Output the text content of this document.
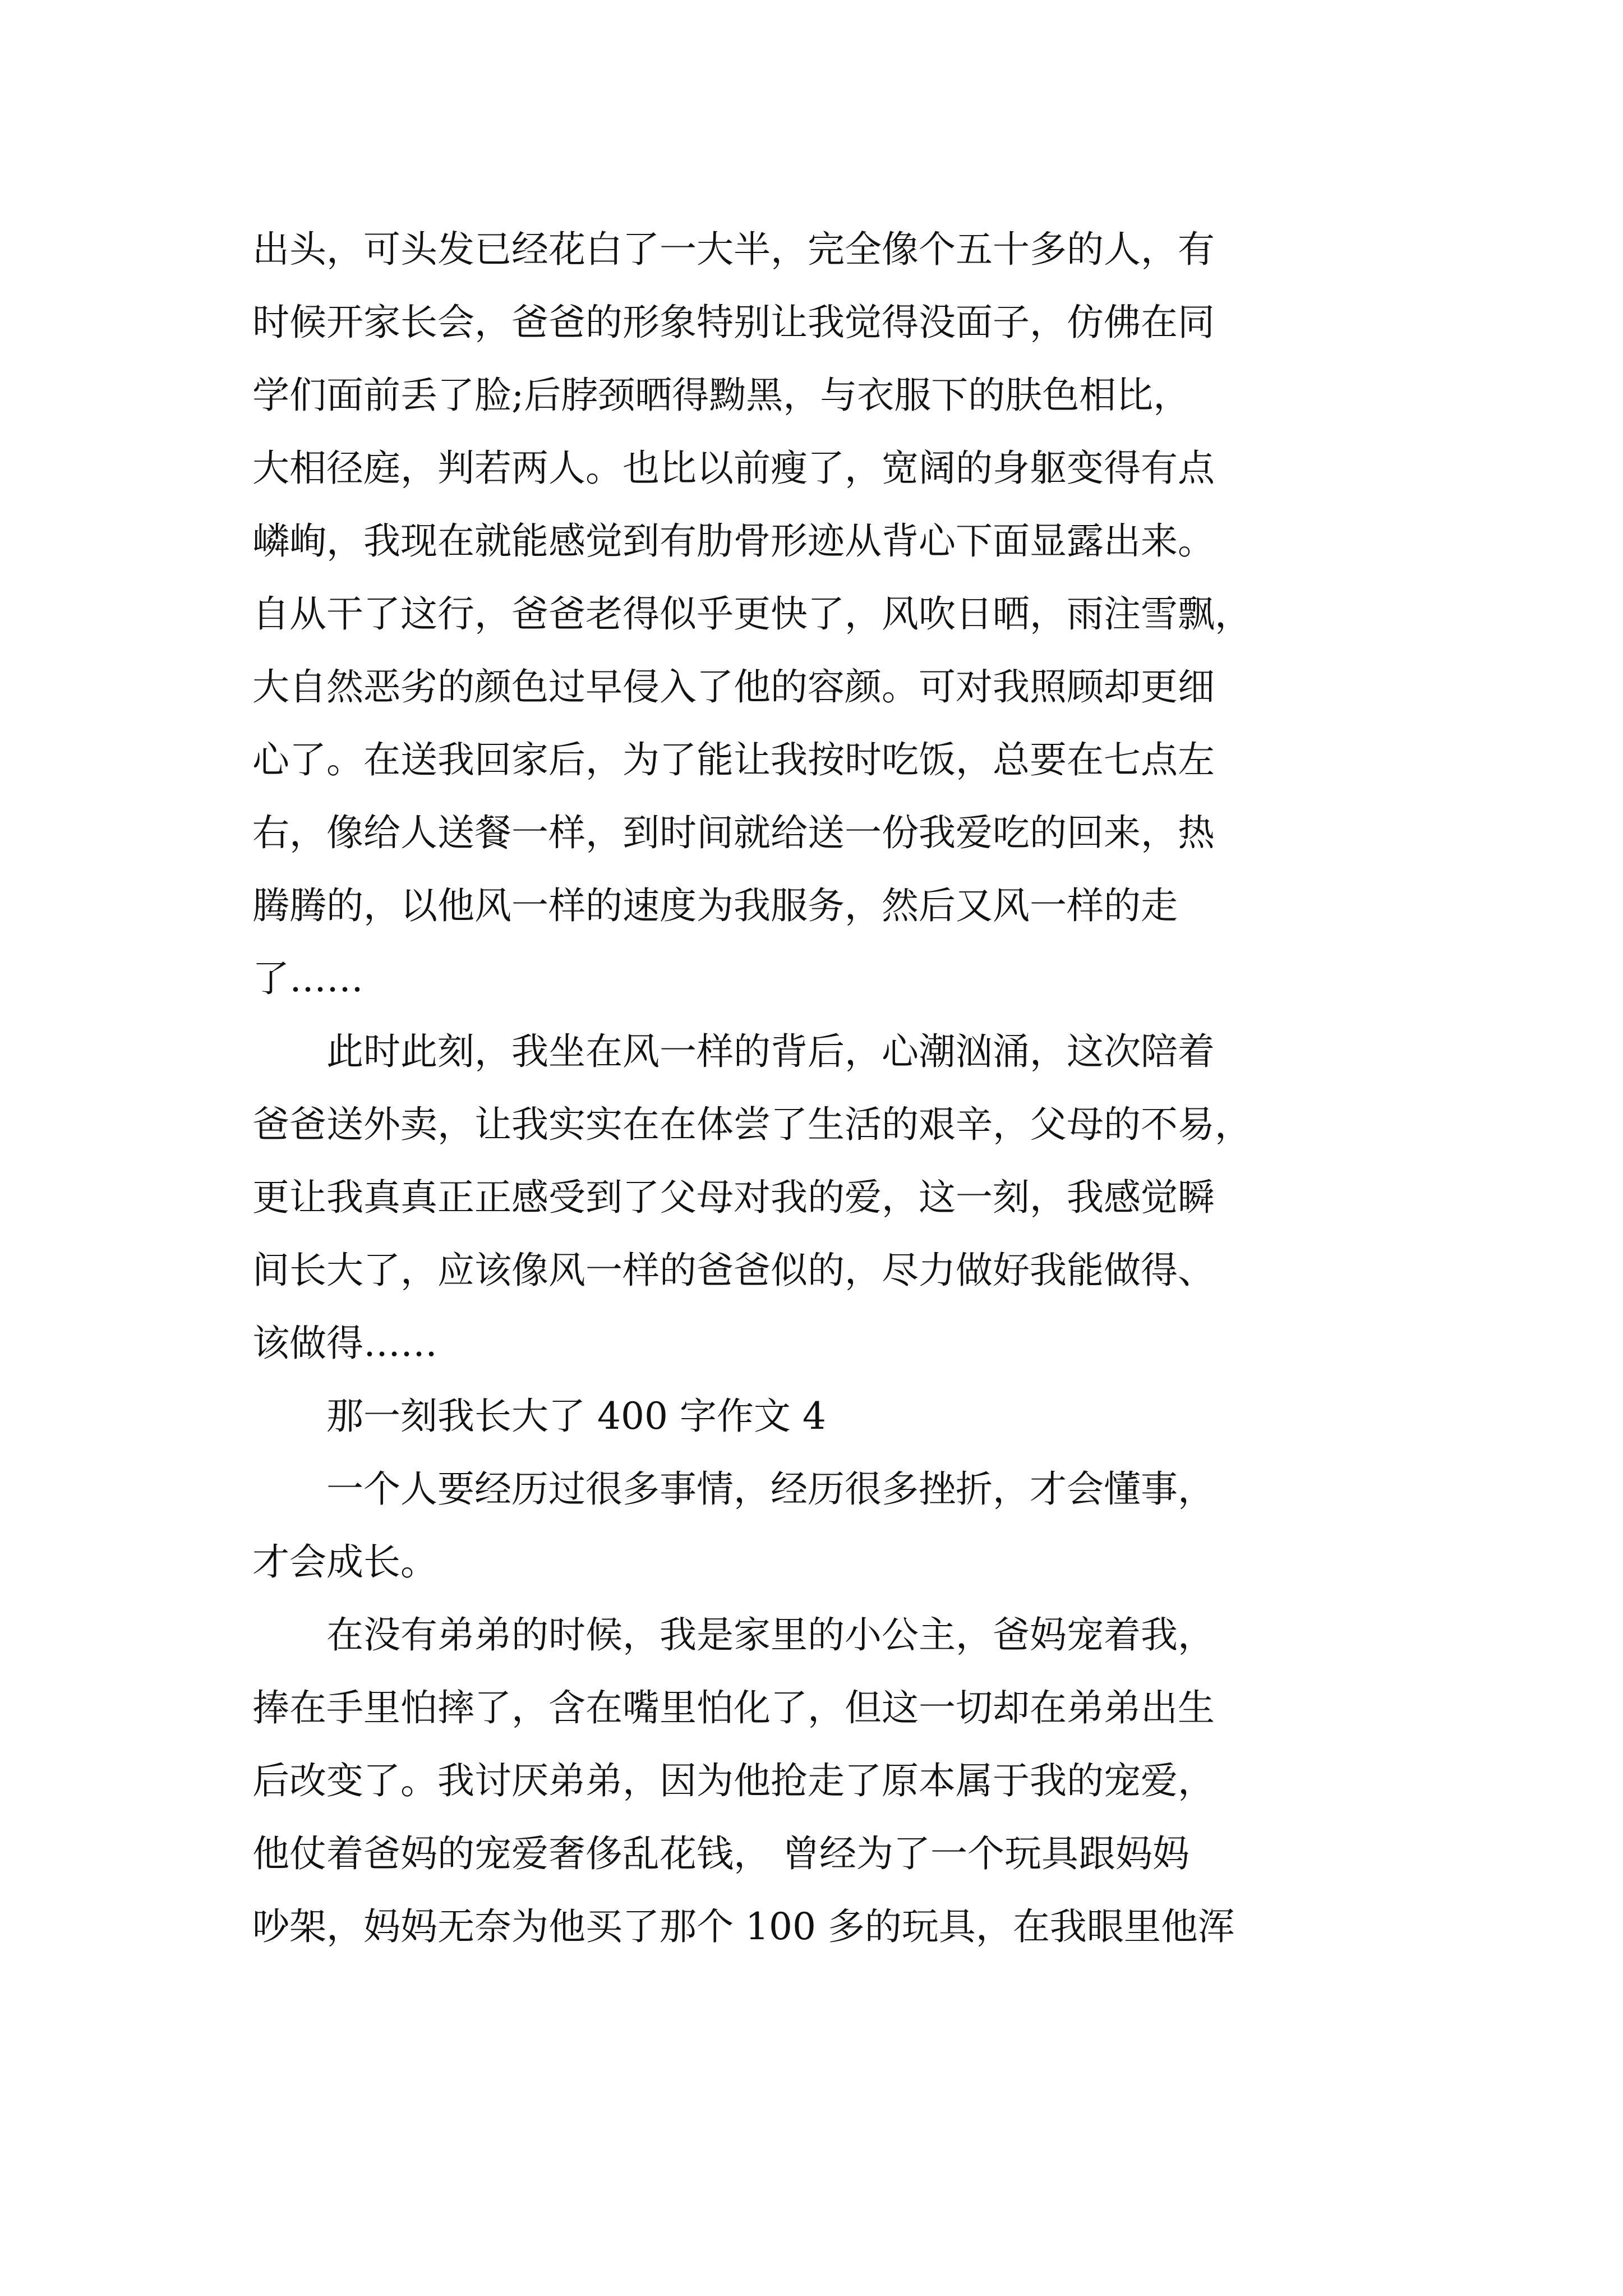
出头，可头发已经花白了一大半，完全像个五十多的人，有
时候开家长会，爸爸的形象特别让我觉得没面子，仿佛在同
学们面前丢了脸;后脖颈晒得黝黑，与衣服下的肤色相比，
大相径庭，判若两人。也比以前瘦了，宽阔的身躯变得有点
嶙峋，我现在就能感觉到有肋骨形迹从背心下面显露出来。
自从干了这行，爸爸老得似乎更快了，风吹日晒，雨注雪飘，
大自然恶劣的颜色过早侵入了他的容颜。可对我照顾却更细
心了。在送我回家后，为了能让我按时吃饭，总要在七点左
右，像给人送餐一样，到时间就给送一份我爱吃的回来，热
腾腾的，以他风一样的速度为我服务，然后又风一样的走
了……
此时此刻，我坐在风一样的背后，心潮汹涌，这次陪着
爸爸送外卖，让我实实在在体尝了生活的艰辛，父母的不易，
更让我真真正正感受到了父母对我的爱，这一刻，我感觉瞬
间长大了，应该像风一样的爸爸似的，尽力做好我能做得、
该做得……
那一刻我长大了 400 字作文 4
一个人要经历过很多事情，经历很多挫折，才会懂事，
才会成长。
在没有弟弟的时候，我是家里的小公主，爸妈宠着我，
捧在手里怕摔了，含在嘴里怕化了，但这一切却在弟弟出生
后改变了。我讨厌弟弟，因为他抢走了原本属于我的宠爱，
他仗着爸妈的宠爱奢侈乱花钱， 曾经为了一个玩具跟妈妈
吵架，妈妈无奈为他买了那个 100 多的玩具，在我眼里他浑
